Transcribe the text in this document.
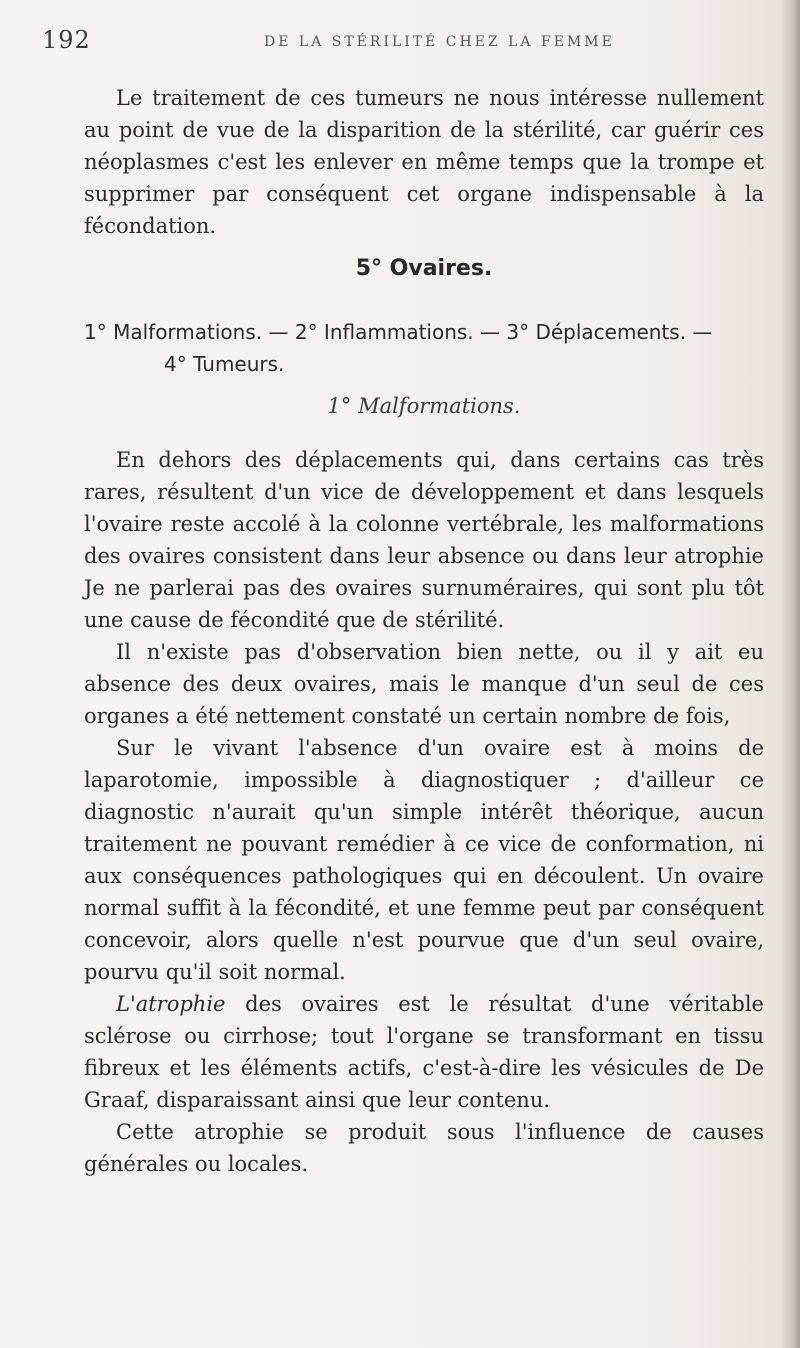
192	DE LA STÉRILITÉ CHEZ LA FEMME

Le traitement de ces tumeurs ne nous intéresse nullement au point de vue de la disparition de la stérilité, car guérir ces néoplasmes c'est les enlever en même temps que la trompe et supprimer par conséquent cet organe indispensable à la fécondation.

5° Ovaires.
1° Malformations. — 2° Inflammations. — 3° Déplacements. —
4° Tumeurs.
1° Malformations.

En dehors des déplacements qui, dans certains cas très rares, résultent d'un vice de développement et dans lesquels l'ovaire reste accolé à la colonne vertébrale, les malformations des ovaires consistent dans leur absence ou dans leur atrophie Je ne parlerai pas des ovaires surnuméraires, qui sont plu tôt une cause de fécondité que de stérilité.

Il n'existe pas d'observation bien nette, ou il y ait eu absence des deux ovaires, mais le manque d'un seul de ces organes a été nettement constaté un certain nombre de fois,

Sur le vivant l'absence d'un ovaire est à moins de laparotomie, impossible à diagnostiquer ; d'ailleur ce diagnostic n'aurait qu'un simple intérêt théorique, aucun traitement ne pouvant remédier à ce vice de conformation, ni aux conséquences pathologiques qui en découlent. Un ovaire normal suffit à la fécondité, et une femme peut par conséquent concevoir, alors quelle n'est pourvue que d'un seul ovaire, pourvu qu'il soit normal.

L'atrophie des ovaires est le résultat d'une véritable sclérose ou cirrhose; tout l'organe se transformant en tissu fibreux et les éléments actifs, c'est-à-dire les vésicules de De Graaf, disparaissant ainsi que leur contenu.

Cette atrophie se produit sous l'influence de causes générales ou locales.
